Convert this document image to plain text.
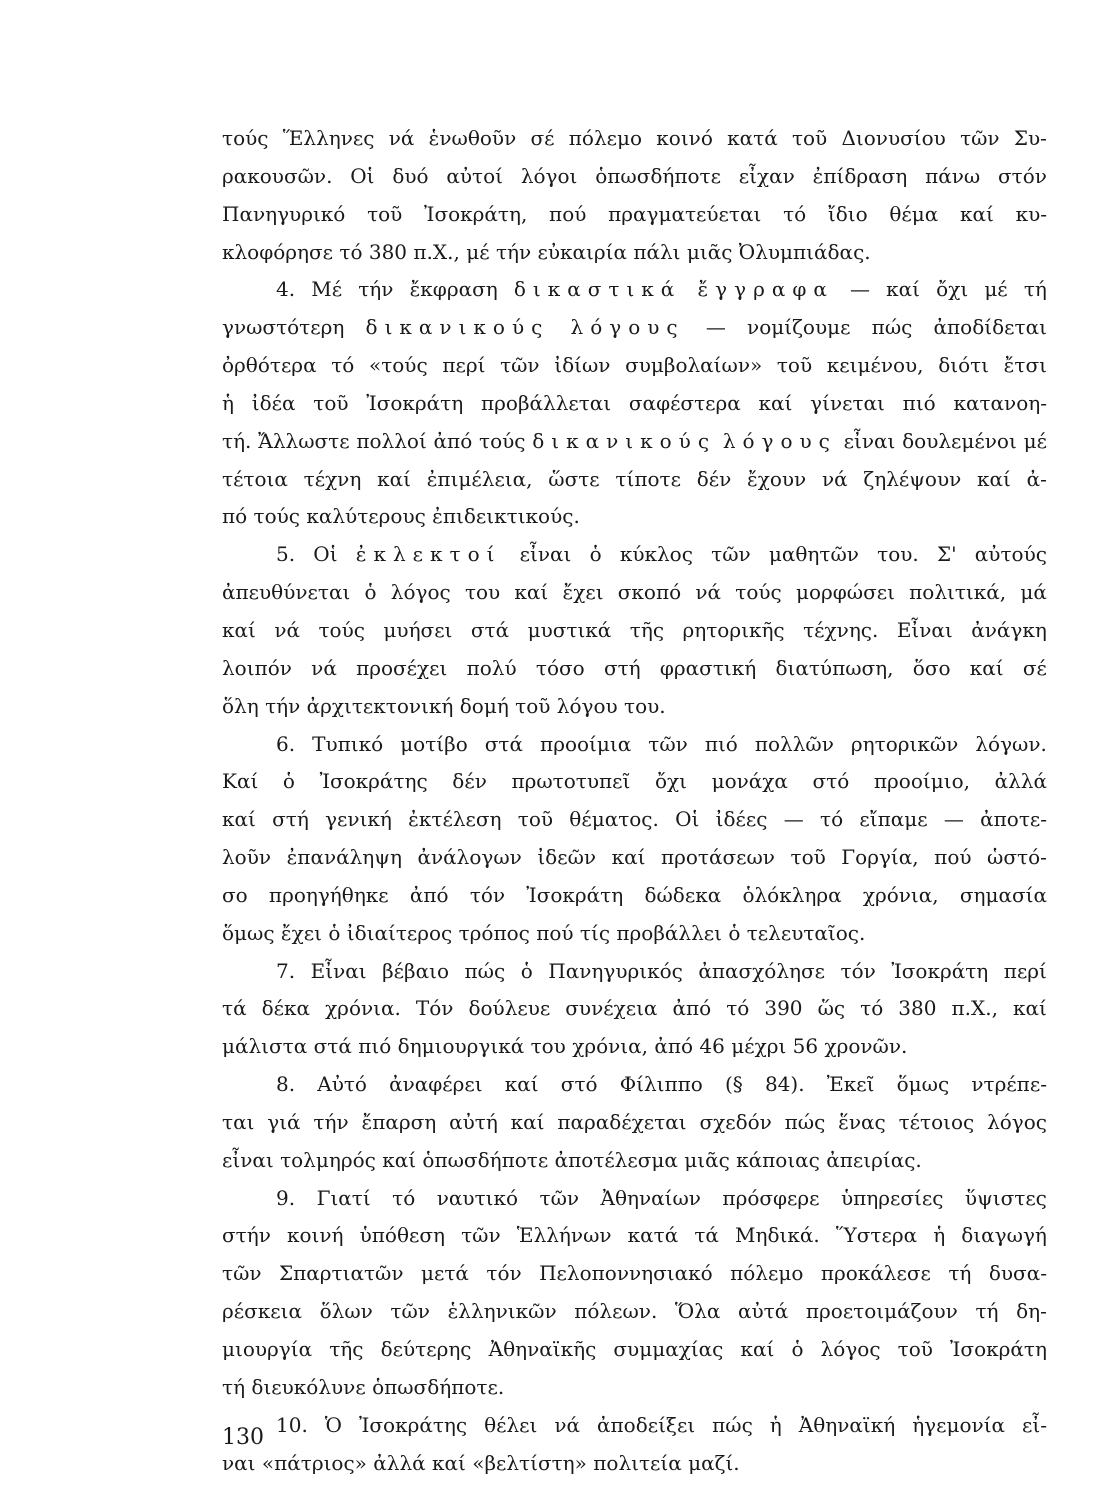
τούς Ἕλληνες νά ἑνωθοῦν σέ πόλεμο κοινό κατά τοῦ Διονυσίου τῶν Συ-
ρακουσῶν. Οἱ δυό αὐτοί λόγοι ὁπωσδήποτε εἶχαν ἐπίδραση πάνω στόν
Πανηγυρικό τοῦ Ἰσοκράτη, πού πραγματεύεται τό ἴδιο θέμα καί κυ-
κλοφόρησε
τό
380
π.Χ.,
μέ
τήν
εὐκαιρία
πάλι
μιᾶς
Ὀλυμπιάδας.

4. Μέ τήν ἔκφραση δικαστικά ἔγγραφα — καί ὄχι μέ τή
γνωστότερη δικανικούς λόγους — νομίζουμε πώς ἀποδίδεται
ὀρθότερα τό «τούς περί τῶν ἰδίων συμβολαίων» τοῦ κειμένου, διότι ἔτσι
ἡ ἰδέα τοῦ Ἰσοκράτη προβάλλεται σαφέστερα καί γίνεται πιό κατανοη-
τή. Ἄλλωστε πολλοί ἀπό τούς δικανικούς λόγους εἶναι δουλεμένοι μέ
τέτοια τέχνη καί ἐπιμέλεια, ὥστε τίποτε δέν ἔχουν νά ζηλέψουν καί ἀ-
πό
τούς
καλύτερους
ἐπιδεικτικούς.

5. Οἱ ἐκλεκτοί εἶναι ὁ κύκλος τῶν μαθητῶν του. Σ' αὐτούς
ἀπευθύνεται ὁ λόγος του καί ἔχει σκοπό νά τούς μορφώσει πολιτικά, μά
καί νά τούς μυήσει στά μυστικά τῆς ρητορικῆς τέχνης. Εἶναι ἀνάγκη
λοιπόν νά προσέχει πολύ τόσο στή φραστική διατύπωση, ὅσο καί σέ
ὅλη
τήν
ἀρχιτεκτονική
δομή
τοῦ
λόγου
του.

6. Τυπικό μοτίβο στά προοίμια τῶν πιό πολλῶν ρητορικῶν λόγων.
Καί ὁ Ἰσοκράτης δέν πρωτοτυπεῖ ὄχι μονάχα στό προοίμιο, ἀλλά
καί στή γενική ἐκτέλεση τοῦ θέματος. Οἱ ἰδέες — τό εἴπαμε — ἀποτε-
λοῦν ἐπανάληψη ἀνάλογων ἰδεῶν καί προτάσεων τοῦ Γοργία, πού ὡστό-
σο προηγήθηκε ἀπό τόν Ἰσοκράτη δώδεκα ὁλόκληρα χρόνια, σημασία
ὅμως
ἔχει
ὁ
ἰδιαίτερος
τρόπος
πού
τίς
προβάλλει
ὁ
τελευταῖος.

7. Εἶναι βέβαιο πώς ὁ Πανηγυρικός ἀπασχόλησε τόν Ἰσοκράτη περί
τά δέκα χρόνια. Τόν δούλευε συνέχεια ἀπό τό 390 ὥς τό 380 π.Χ., καί
μάλιστα
στά
πιό
δημιουργικά
του
χρόνια,
ἀπό
46
μέχρι
56
χρονῶν.

8. Αὐτό ἀναφέρει καί στό Φίλιππο (§ 84). Ἐκεῖ ὅμως ντρέπε-
ται γιά τήν ἔπαρση αὐτή καί παραδέχεται σχεδόν πώς ἕνας τέτοιος λόγος
εἶναι
τολμηρός
καί
ὁπωσδήποτε
ἀποτέλεσμα
μιᾶς
κάποιας
ἀπειρίας.

9. Γιατί τό ναυτικό τῶν Ἀθηναίων πρόσφερε ὑπηρεσίες ὕψιστες
στήν κοινή ὑπόθεση τῶν Ἑλλήνων κατά τά Μηδικά. Ὕστερα ἡ διαγωγή
τῶν Σπαρτιατῶν μετά τόν Πελοποννησιακό πόλεμο προκάλεσε τή δυσα-
ρέσκεια ὅλων τῶν ἑλληνικῶν πόλεων. Ὅλα αὐτά προετοιμάζουν τή δη-
μιουργία τῆς δεύτερης Ἀθηναϊκῆς συμμαχίας καί ὁ λόγος τοῦ Ἰσοκράτη
τή
διευκόλυνε
ὁπωσδήποτε.

10. Ὁ Ἰσοκράτης θέλει νά ἀποδείξει πώς ἡ Ἀθηναϊκή ἡγεμονία εἶ-
ναι
«πάτριος»
ἀλλά
καί
«βελτίστη»
πολιτεία
μαζί.

130
